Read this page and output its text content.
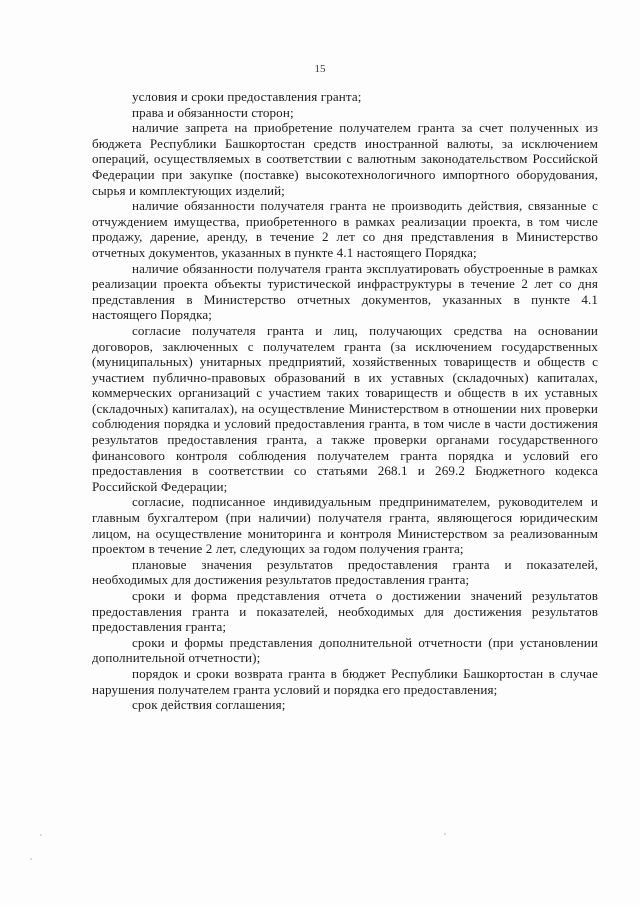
15

условия и сроки предоставления гранта;

права и обязанности сторон;

наличие запрета на приобретение получателем гранта за счет полученных из бюджета Республики Башкортостан средств иностранной валюты, за исключением операций, осуществляемых в соответствии с валютным законодательством Российской Федерации при закупке (поставке) высокотехнологичного импортного оборудования, сырья и комплектующих изделий;

наличие обязанности получателя гранта не производить действия, связанные с отчуждением имущества, приобретенного в рамках реализации проекта, в том числе продажу, дарение, аренду, в течение 2 лет со дня представления в Министерство отчетных документов, указанных в пункте 4.1 настоящего Порядка;

наличие обязанности получателя гранта эксплуатировать обустроенные в рамках реализации проекта объекты туристической инфраструктуры в течение 2 лет со дня представления в Министерство отчетных документов, указанных в пункте 4.1 настоящего Порядка;

согласие получателя гранта и лиц, получающих средства на основании договоров, заключенных с получателем гранта (за исключением государственных (муниципальных) унитарных предприятий, хозяйственных товариществ и обществ с участием публично-правовых образований в их уставных (складочных) капиталах, коммерческих организаций с участием таких товариществ и обществ в их уставных (складочных) капиталах), на осуществление Министерством в отношении них проверки соблюдения порядка и условий предоставления гранта, в том числе в части достижения результатов предоставления гранта, а также проверки органами государственного финансового контроля соблюдения получателем гранта порядка и условий его предоставления в соответствии со статьями 268.1 и 269.2 Бюджетного кодекса Российской Федерации;

согласие, подписанное индивидуальным предпринимателем, руководителем и главным бухгалтером (при наличии) получателя гранта, являющегося юридическим лицом, на осуществление мониторинга и контроля Министерством за реализованным проектом в течение 2 лет, следующих за годом получения гранта;

плановые значения результатов предоставления гранта и показателей, необходимых для достижения результатов предоставления гранта;

сроки и форма представления отчета о достижении значений результатов предоставления гранта и показателей, необходимых для достижения результатов предоставления гранта;

сроки и формы представления дополнительной отчетности (при установлении дополнительной отчетности);

порядок и сроки возврата гранта в бюджет Республики Башкортостан в случае нарушения получателем гранта условий и порядка его предоставления;

срок действия соглашения;
